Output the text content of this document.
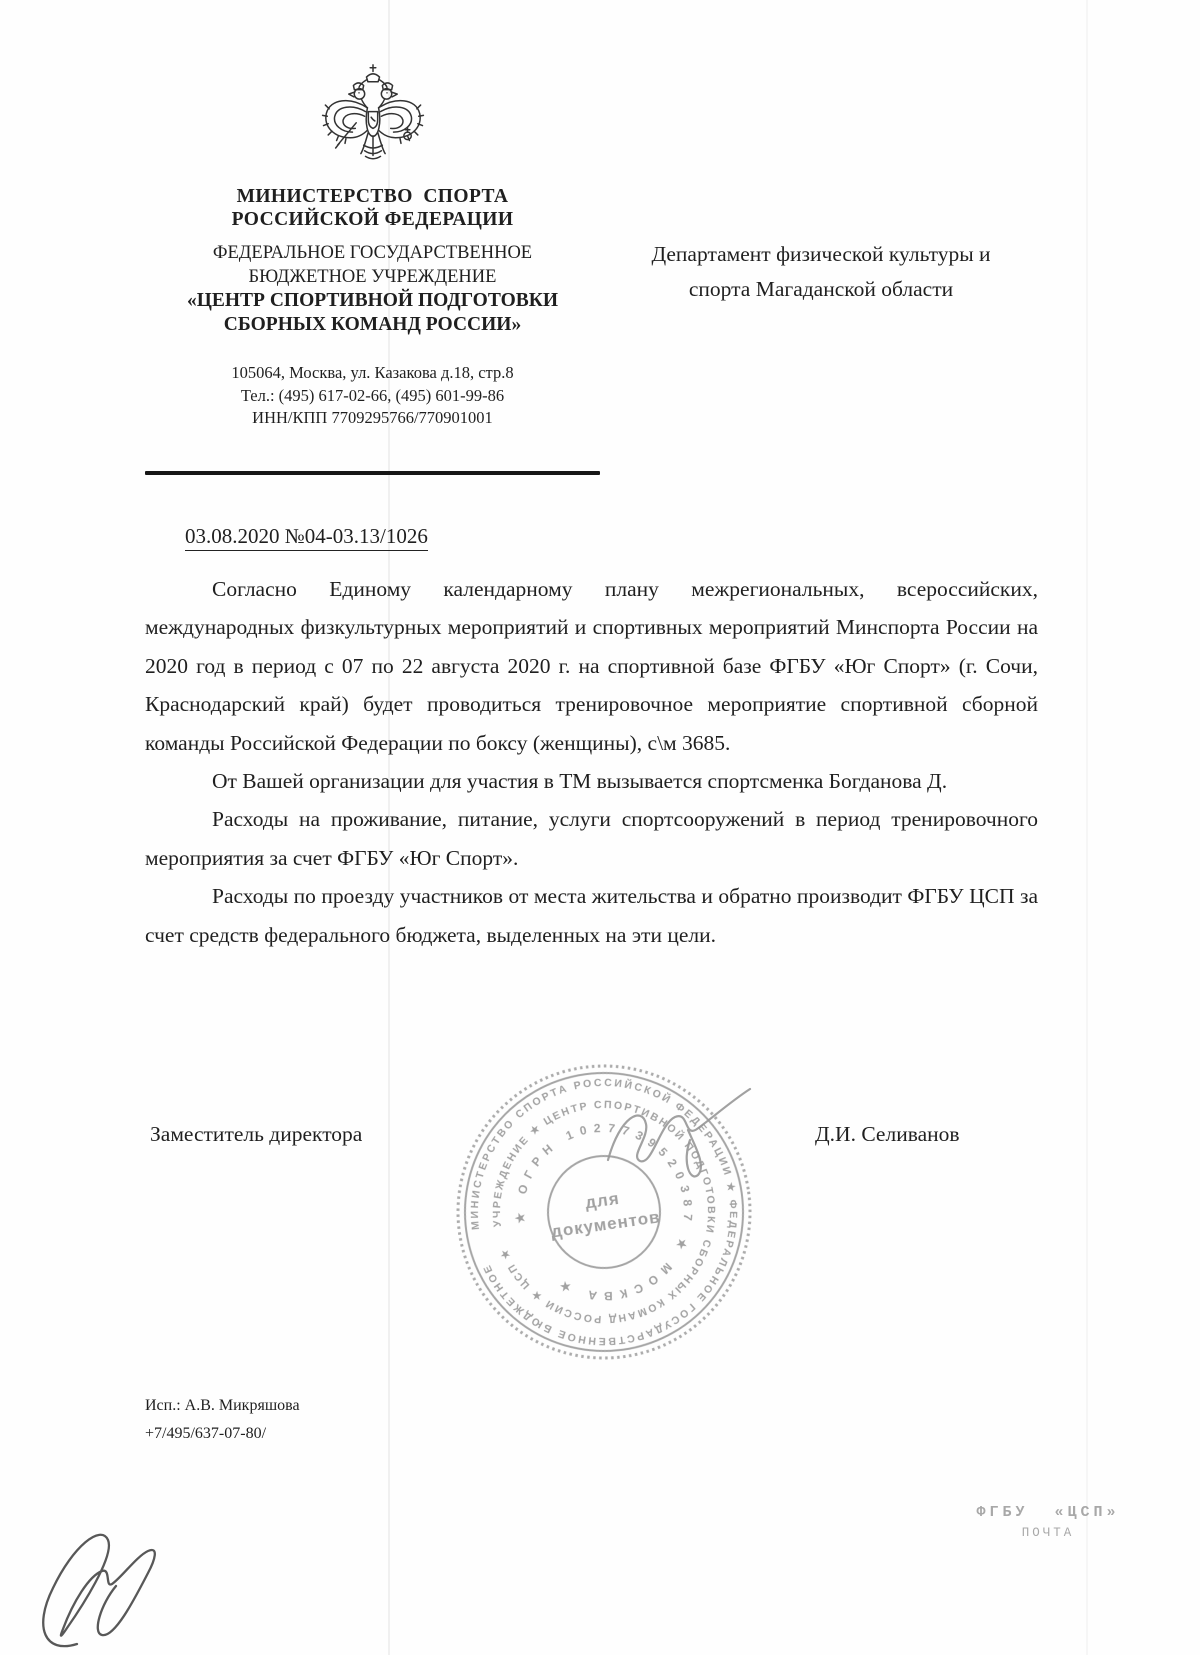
МИНИСТЕРСТВО  СПОРТА
РОССИЙСКОЙ ФЕДЕРАЦИИ
ФЕДЕРАЛЬНОЕ ГОСУДАРСТВЕННОЕ
БЮДЖЕТНОЕ УЧРЕЖДЕНИЕ
«ЦЕНТР СПОРТИВНОЙ ПОДГОТОВКИ
СБОРНЫХ КОМАНД РОССИИ»
105064, Москва, ул. Казакова д.18, стр.8
Тел.: (495) 617-02-66, (495) 601-99-86
ИНН/КПП 7709295766/770901001
Департамент физической культуры и
спорта Магаданской области
03.08.2020 №04-03.13/1026

Согласно Единому календарному плану межрегиональных, всероссийских, международных физкультурных мероприятий и спортивных мероприятий Минспорта России на 2020 год в период с 07 по 22 августа 2020 г. на спортивной базе ФГБУ «Юг Спорт» (г. Сочи, Краснодарский край) будет проводиться тренировочное мероприятие спортивной сборной команды Российской Федерации по боксу (женщины), с\м 3685.

От Вашей организации для участия в ТМ вызывается спортсменка Богданова Д.

Расходы на проживание, питание, услуги спортсооружений в период тренировочного мероприятия за счет ФГБУ «Юг Спорт».

Расходы по проезду участников от места жительства и обратно производит ФГБУ ЦСП за счет средств федерального бюджета, выделенных на эти цели.

Заместитель директора	Д.И. Селиванов
МИНИСТЕРСТВО СПОРТА РОССИЙСКОЙ ФЕДЕРАЦИИ ★ ФЕДЕРАЛЬНОЕ ГОСУДАРСТВЕННОЕ БЮДЖЕТНОЕ
УЧРЕЖДЕНИЕ ★ ЦЕНТР СПОРТИВНОЙ ПОДГОТОВКИ СБОРНЫХ КОМАНД РОССИИ ★ ЦСП ★
★ ОГРН 1027739520387 ★ МОСКВА ★
для
документов
Исп.: А.В. Микряшова
+7/495/637-07-80/
ФГБУ  «ЦСП»
ПОЧТА
